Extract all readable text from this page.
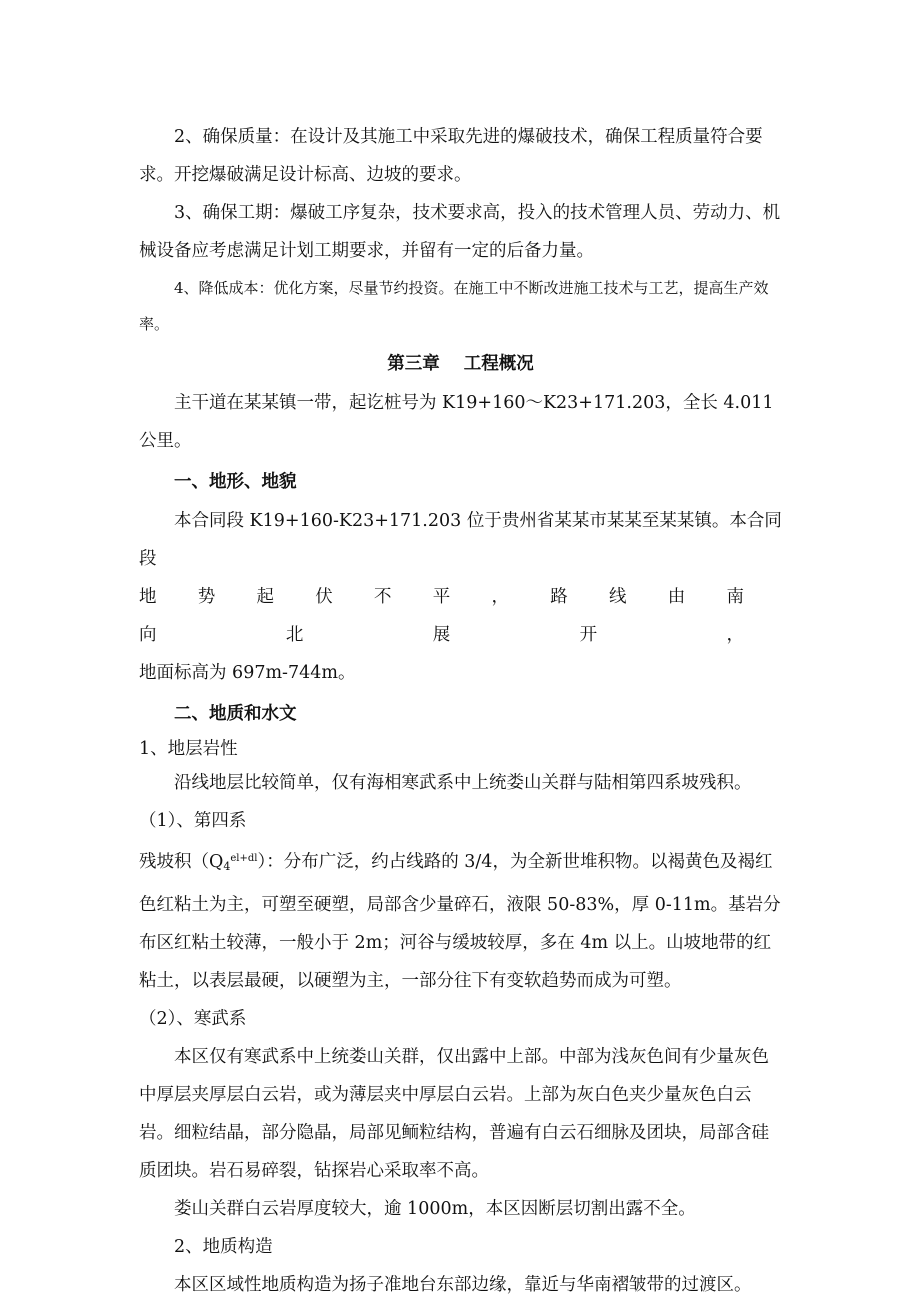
2、确保质量：在设计及其施工中采取先进的爆破技术，确保工程质量符合要求。开挖爆破满足设计标高、边坡的要求。

3、确保工期：爆破工序复杂，技术要求高，投入的技术管理人员、劳动力、机械设备应考虑满足计划工期要求，并留有一定的后备力量。

4、降低成本：优化方案，尽量节约投资。在施工中不断改进施工技术与工艺，提高生产效率。

第三章 工程概况

主干道在某某镇一带，起讫桩号为 K19+160～K23+171.203，全长 4.011 公里。

一、地形、地貌

本合同段 K19+160-K23+171.203 位于贵州省某某市某某至某某镇。本合同段

地势起伏不平，路线由南向北展开，

地面标高为 697m-744m。

二、地质和水文

1、地层岩性

沿线地层比较简单，仅有海相寒武系中上统娄山关群与陆相第四系坡残积。

（1）、第四系

残坡积$(Q_4^{el+dl})$：分布广泛，约占线路的 3/4，为全新世堆积物。以褐黄色及褐红色红粘土为主，可塑至硬塑，局部含少量碎石，液限 50-83%，厚 0-11m。基岩分布区红粘土较薄，一般小于 2m；河谷与缓坡较厚，多在 4m 以上。山坡地带的红粘土，以表层最硬，以硬塑为主，一部分往下有变软趋势而成为可塑。

（2）、寒武系

本区仅有寒武系中上统娄山关群，仅出露中上部。中部为浅灰色间有少量灰色中厚层夹厚层白云岩，或为薄层夹中厚层白云岩。上部为灰白色夹少量灰色白云岩。细粒结晶，部分隐晶，局部见鲕粒结构，普遍有白云石细脉及团块，局部含硅质团块。岩石易碎裂，钻探岩心采取率不高。

娄山关群白云岩厚度较大，逾 1000m，本区因断层切割出露不全。

2、地质构造

本区区域性地质构造为扬子准地台东部边缘，靠近与华南褶皱带的过渡区。
